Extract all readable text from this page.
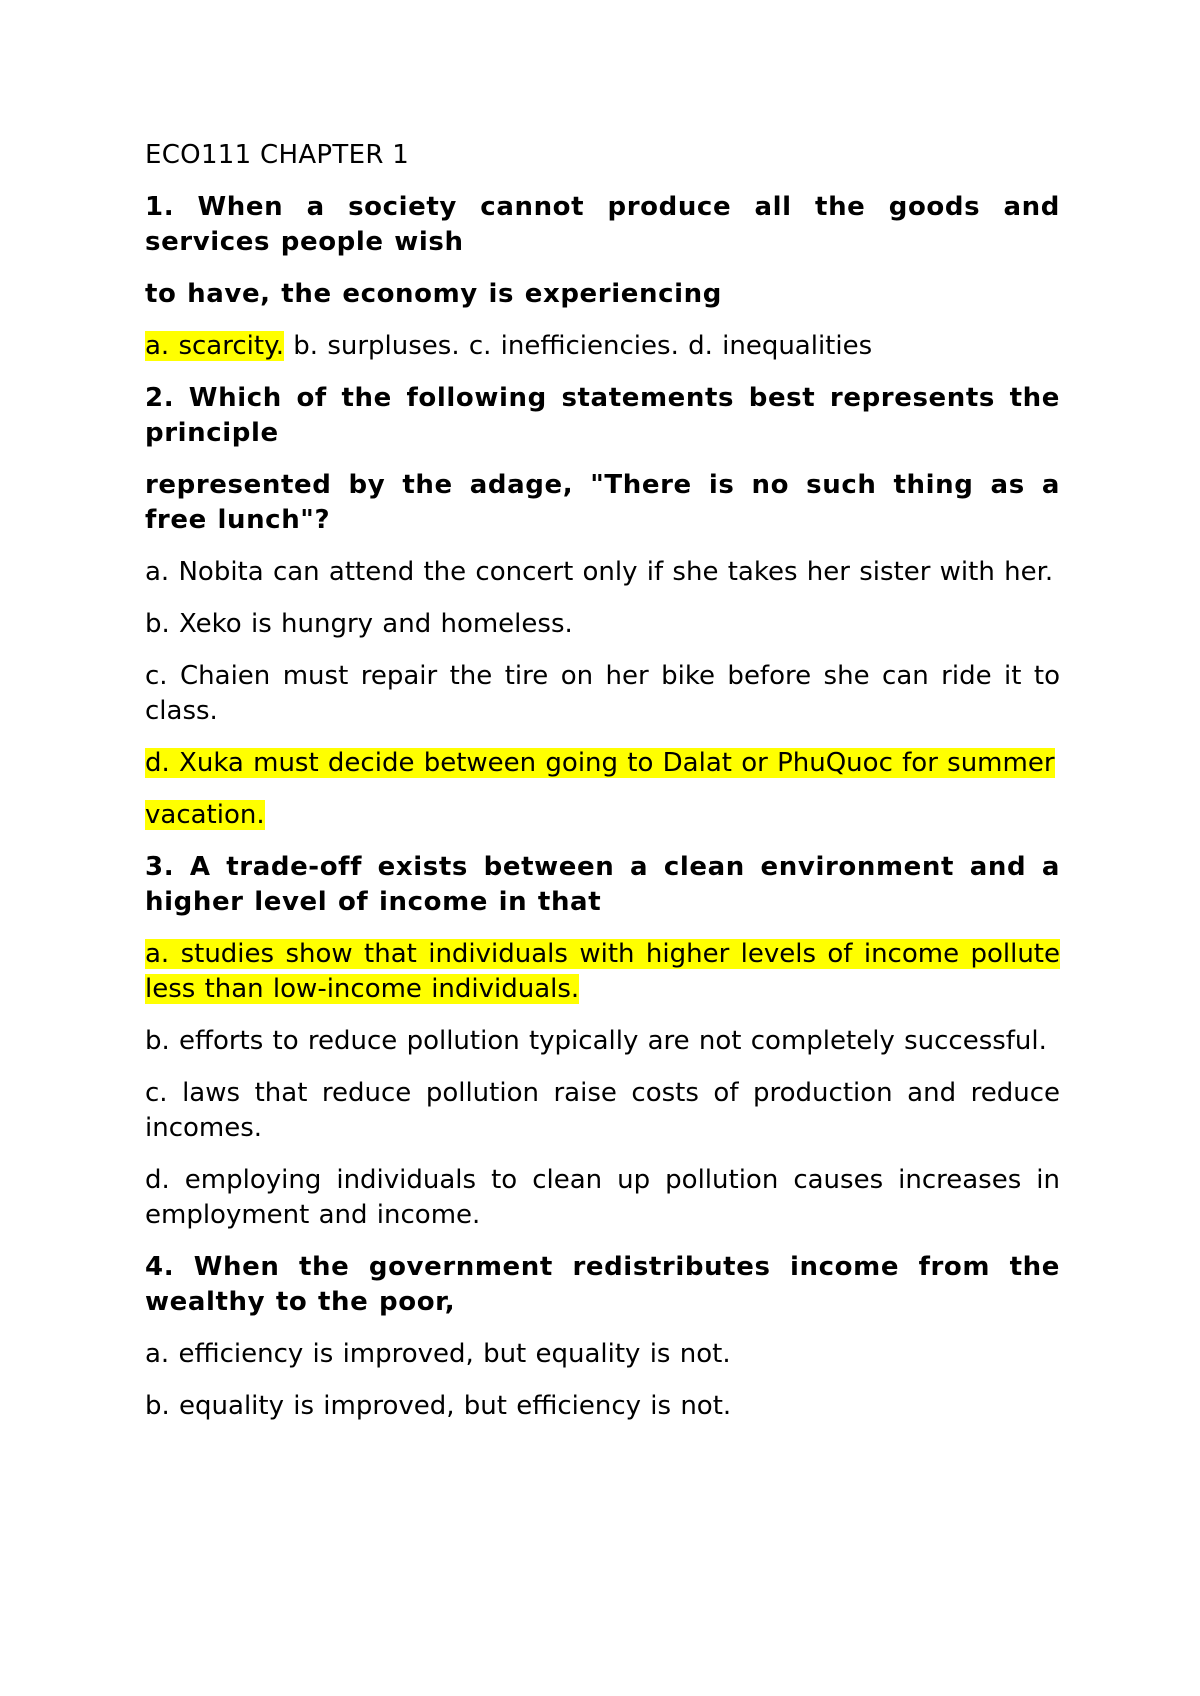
ECO111 CHAPTER 1

1. When a society cannot produce all the goods and services people wish

to have, the economy is experiencing

a. scarcity. b. surpluses. c. inefficiencies. d. inequalities

2. Which of the following statements best represents the principle

represented by the adage, "There is no such thing as a free lunch"?

a. Nobita can attend the concert only if she takes her sister with her.

b. Xeko is hungry and homeless.

c. Chaien must repair the tire on her bike before she can ride it to class.

d. Xuka must decide between going to Dalat or PhuQuoc for summer

vacation.

3. A trade-off exists between a clean environment and a higher level of income in that

a. studies show that individuals with higher levels of income pollute less than low-income individuals.

b. efforts to reduce pollution typically are not completely successful.

c. laws that reduce pollution raise costs of production and reduce incomes.

d. employing individuals to clean up pollution causes increases in employment and income.

4. When the government redistributes income from the wealthy to the poor,

a. efficiency is improved, but equality is not.

b. equality is improved, but efficiency is not.
